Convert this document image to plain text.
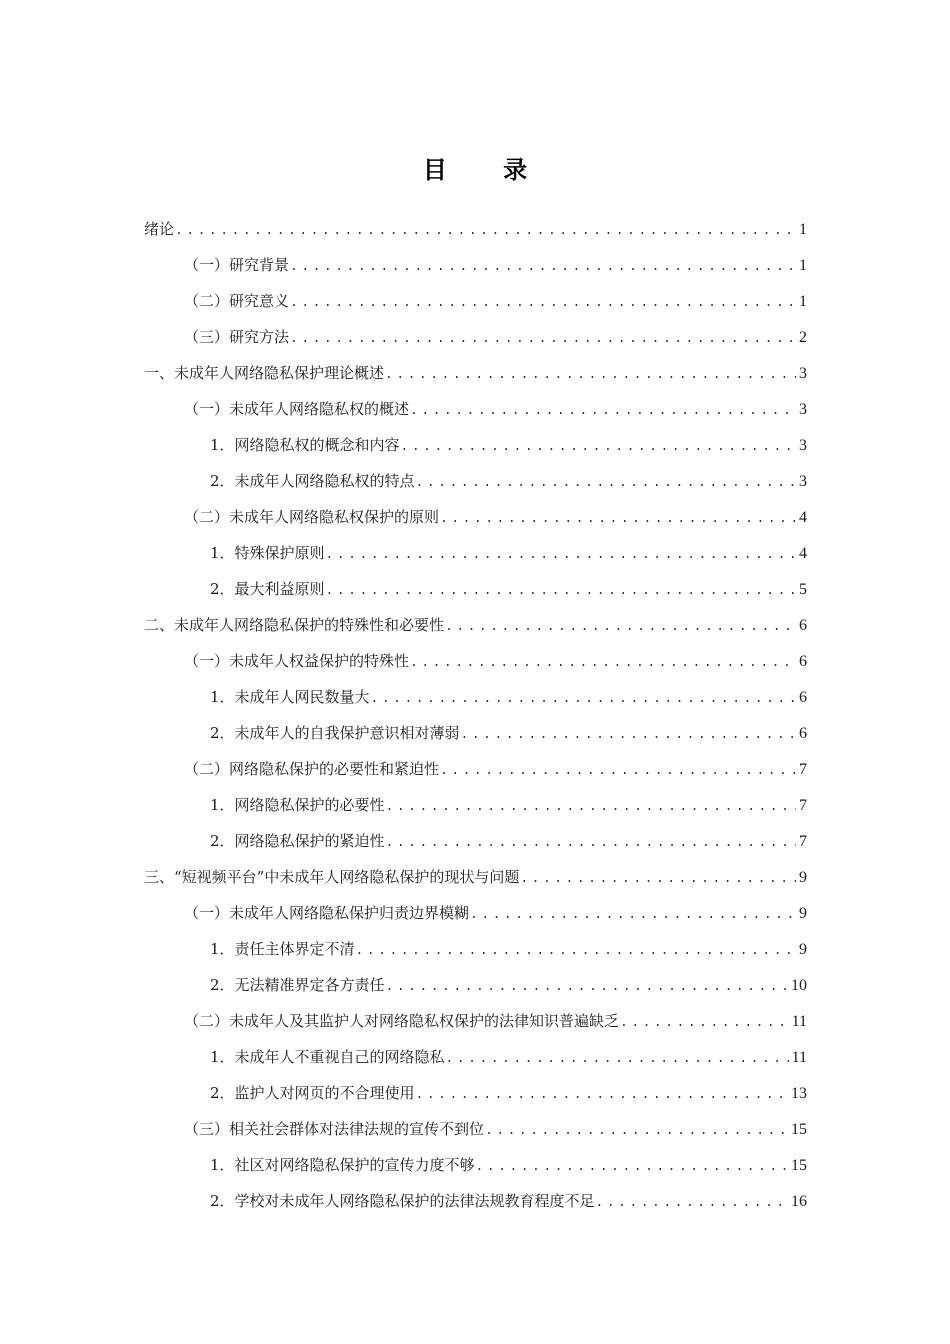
目 录
绪论 .....	1
（一）研究背景 .....	1
（二）研究意义 .....	1
（三）研究方法 .....	2
一、未成年人网络隐私保护理论概述 .....	3
（一）未成年人网络隐私权的概述 .....	3
1．网络隐私权的概念和内容 .....	3
2．未成年人网络隐私权的特点 .....	3
（二）未成年人网络隐私权保护的原则 .....	4
1．特殊保护原则 .....	4
2．最大利益原则 .....	5
二、未成年人网络隐私保护的特殊性和必要性 .....	6
（一）未成年人权益保护的特殊性 .....	6
1．未成年人网民数量大 .....	6
2．未成年人的自我保护意识相对薄弱 .....	6
（二）网络隐私保护的必要性和紧迫性 .....	7
1．网络隐私保护的必要性 .....	7
2．网络隐私保护的紧迫性 .....	7
三、“短视频平台”中未成年人网络隐私保护的现状与问题 .....	9
（一）未成年人网络隐私保护归责边界模糊 .....	9
1．责任主体界定不清 .....	9
2．无法精准界定各方责任 .....	10
（二）未成年人及其监护人对网络隐私权保护的法律知识普遍缺乏 .....	11
1．未成年人不重视自己的网络隐私 .....	11
2．监护人对网页的不合理使用 .....	13
（三）相关社会群体对法律法规的宣传不到位 .....	15
1．社区对网络隐私保护的宣传力度不够 .....	15
2．学校对未成年人网络隐私保护的法律法规教育程度不足 .....	16
